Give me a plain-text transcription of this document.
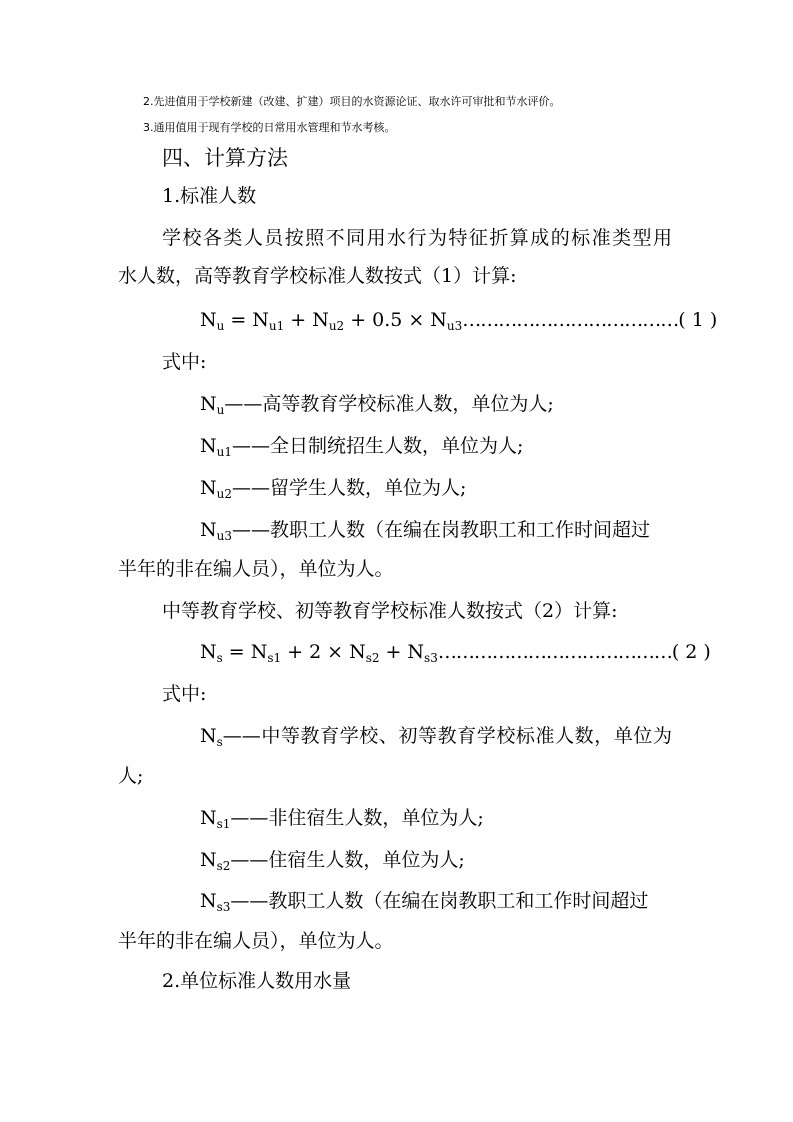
2.先进值用于学校新建（改建、扩建）项目的水资源论证、取水许可审批和节水评价。
3.通用值用于现有学校的日常用水管理和节水考核。
四、计算方法
1.标准人数
学校各类人员按照不同用水行为特征折算成的标准类型用
水人数，高等教育学校标准人数按式（1）计算:
$N_u = N_{u1} + N_{u2} + 0.5$ × $N_{u3}\dots\dots\dots\dots\dots\dots\dots\dots\dots\dots\dots\dots$( 1 )
式中:
$N_u——$高等教育学校标准人数，单位为人;
$N_{u1}——$全日制统招生人数，单位为人;
$N_{u2}——$留学生人数，单位为人;
$N_{u3}——$教职工人数（在编在岗教职工和工作时间超过
半年的非在编人员），单位为人。
中等教育学校、初等教育学校标准人数按式（2）计算:
$N_s = N_{s1} + 2 \times N_{s2}$ + $N_{s3}\dots\dots\dots\dots\dots\dots\dots\dots\dots\dots\dots\dots\dots$( 2 )
式中:
$N_s——$中等教育学校、初等教育学校标准人数，单位为
人;
$N_{s1}——$非住宿生人数，单位为人;
$N_{s2}——$住宿生人数，单位为人;
$N_{s3}——$教职工人数（在编在岗教职工和工作时间超过
半年的非在编人员），单位为人。
2.单位标准人数用水量
